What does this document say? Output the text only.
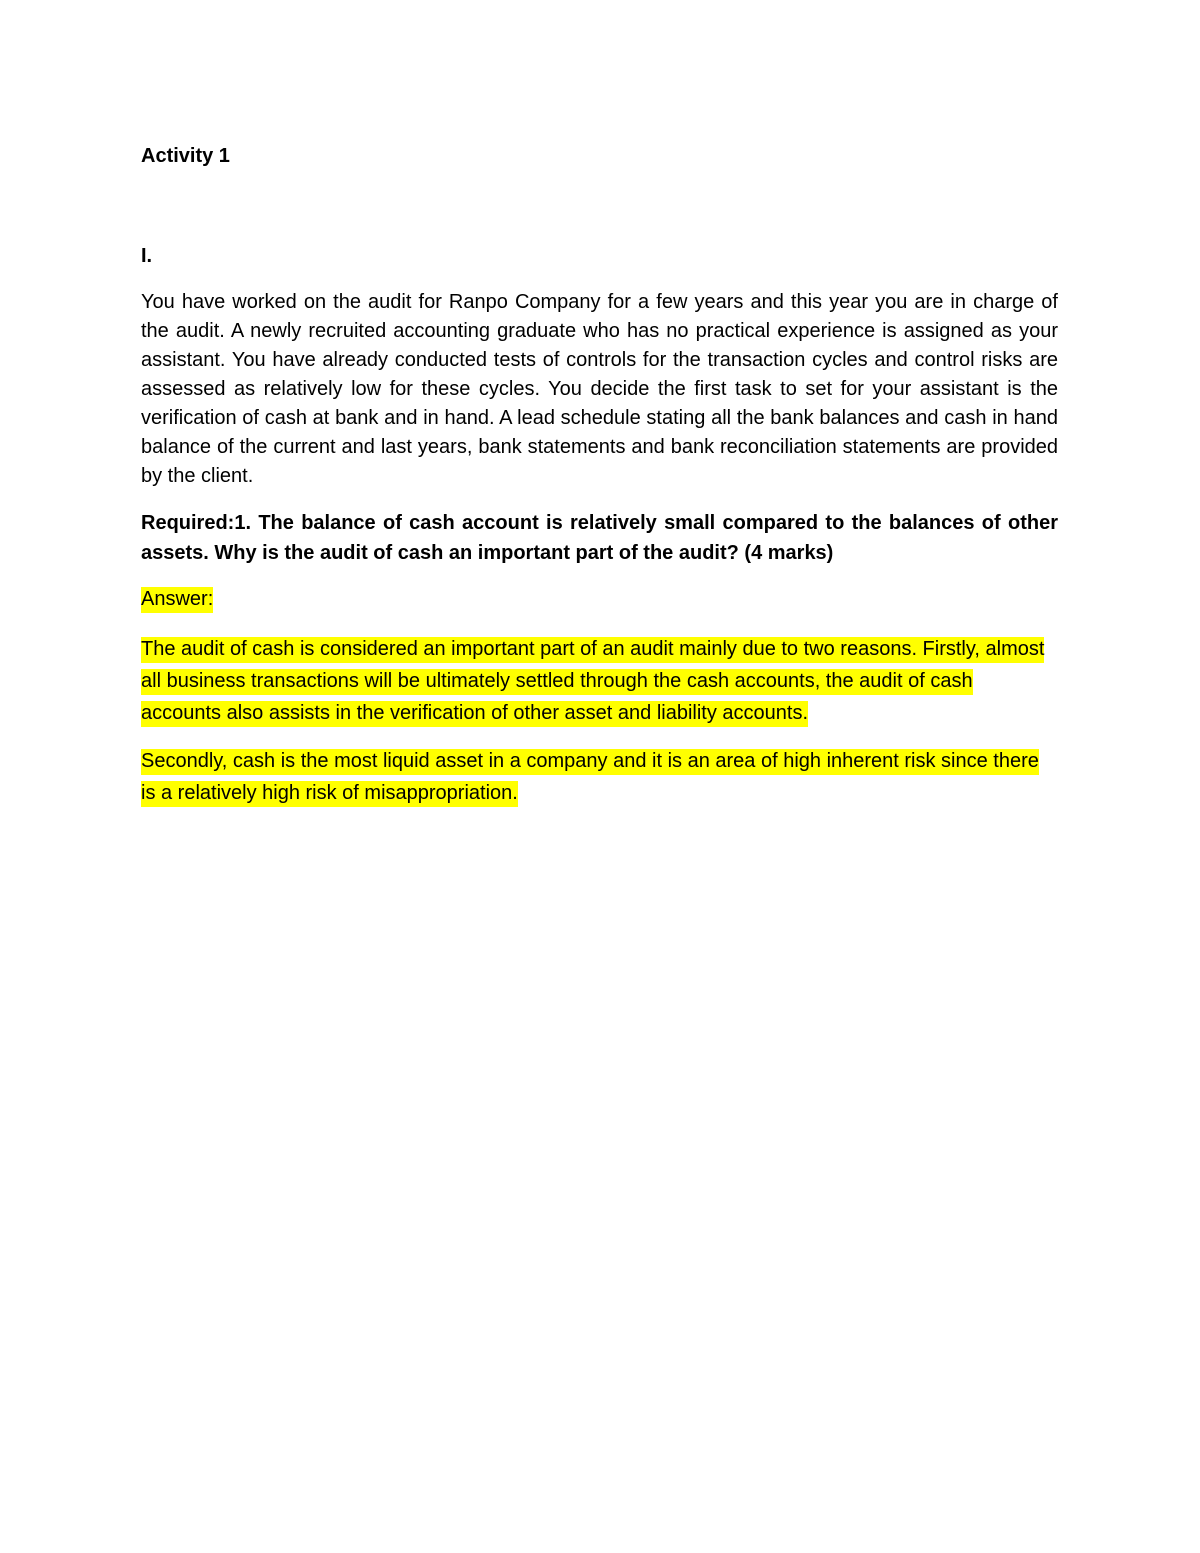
Activity 1
I.
You have worked on the audit for Ranpo Company for a few years and this year you are in charge of the audit. A newly recruited accounting graduate who has no practical experience is assigned as your assistant. You have already conducted tests of controls for the transaction cycles and control risks are assessed as relatively low for these cycles. You decide the first task to set for your assistant is the verification of cash at bank and in hand. A lead schedule stating all the bank balances and cash in hand balance of the current and last years, bank statements and bank reconciliation statements are provided by the client.
Required:1. The balance of cash account is relatively small compared to the balances of other assets. Why is the audit of cash an important part of the audit? (4 marks)
Answer:
The audit of cash is considered an important part of an audit mainly due to two reasons. Firstly, almost all business transactions will be ultimately settled through the cash accounts, the audit of cash accounts also assists in the verification of other asset and liability accounts.
Secondly, cash is the most liquid asset in a company and it is an area of high inherent risk since there is a relatively high risk of misappropriation.
